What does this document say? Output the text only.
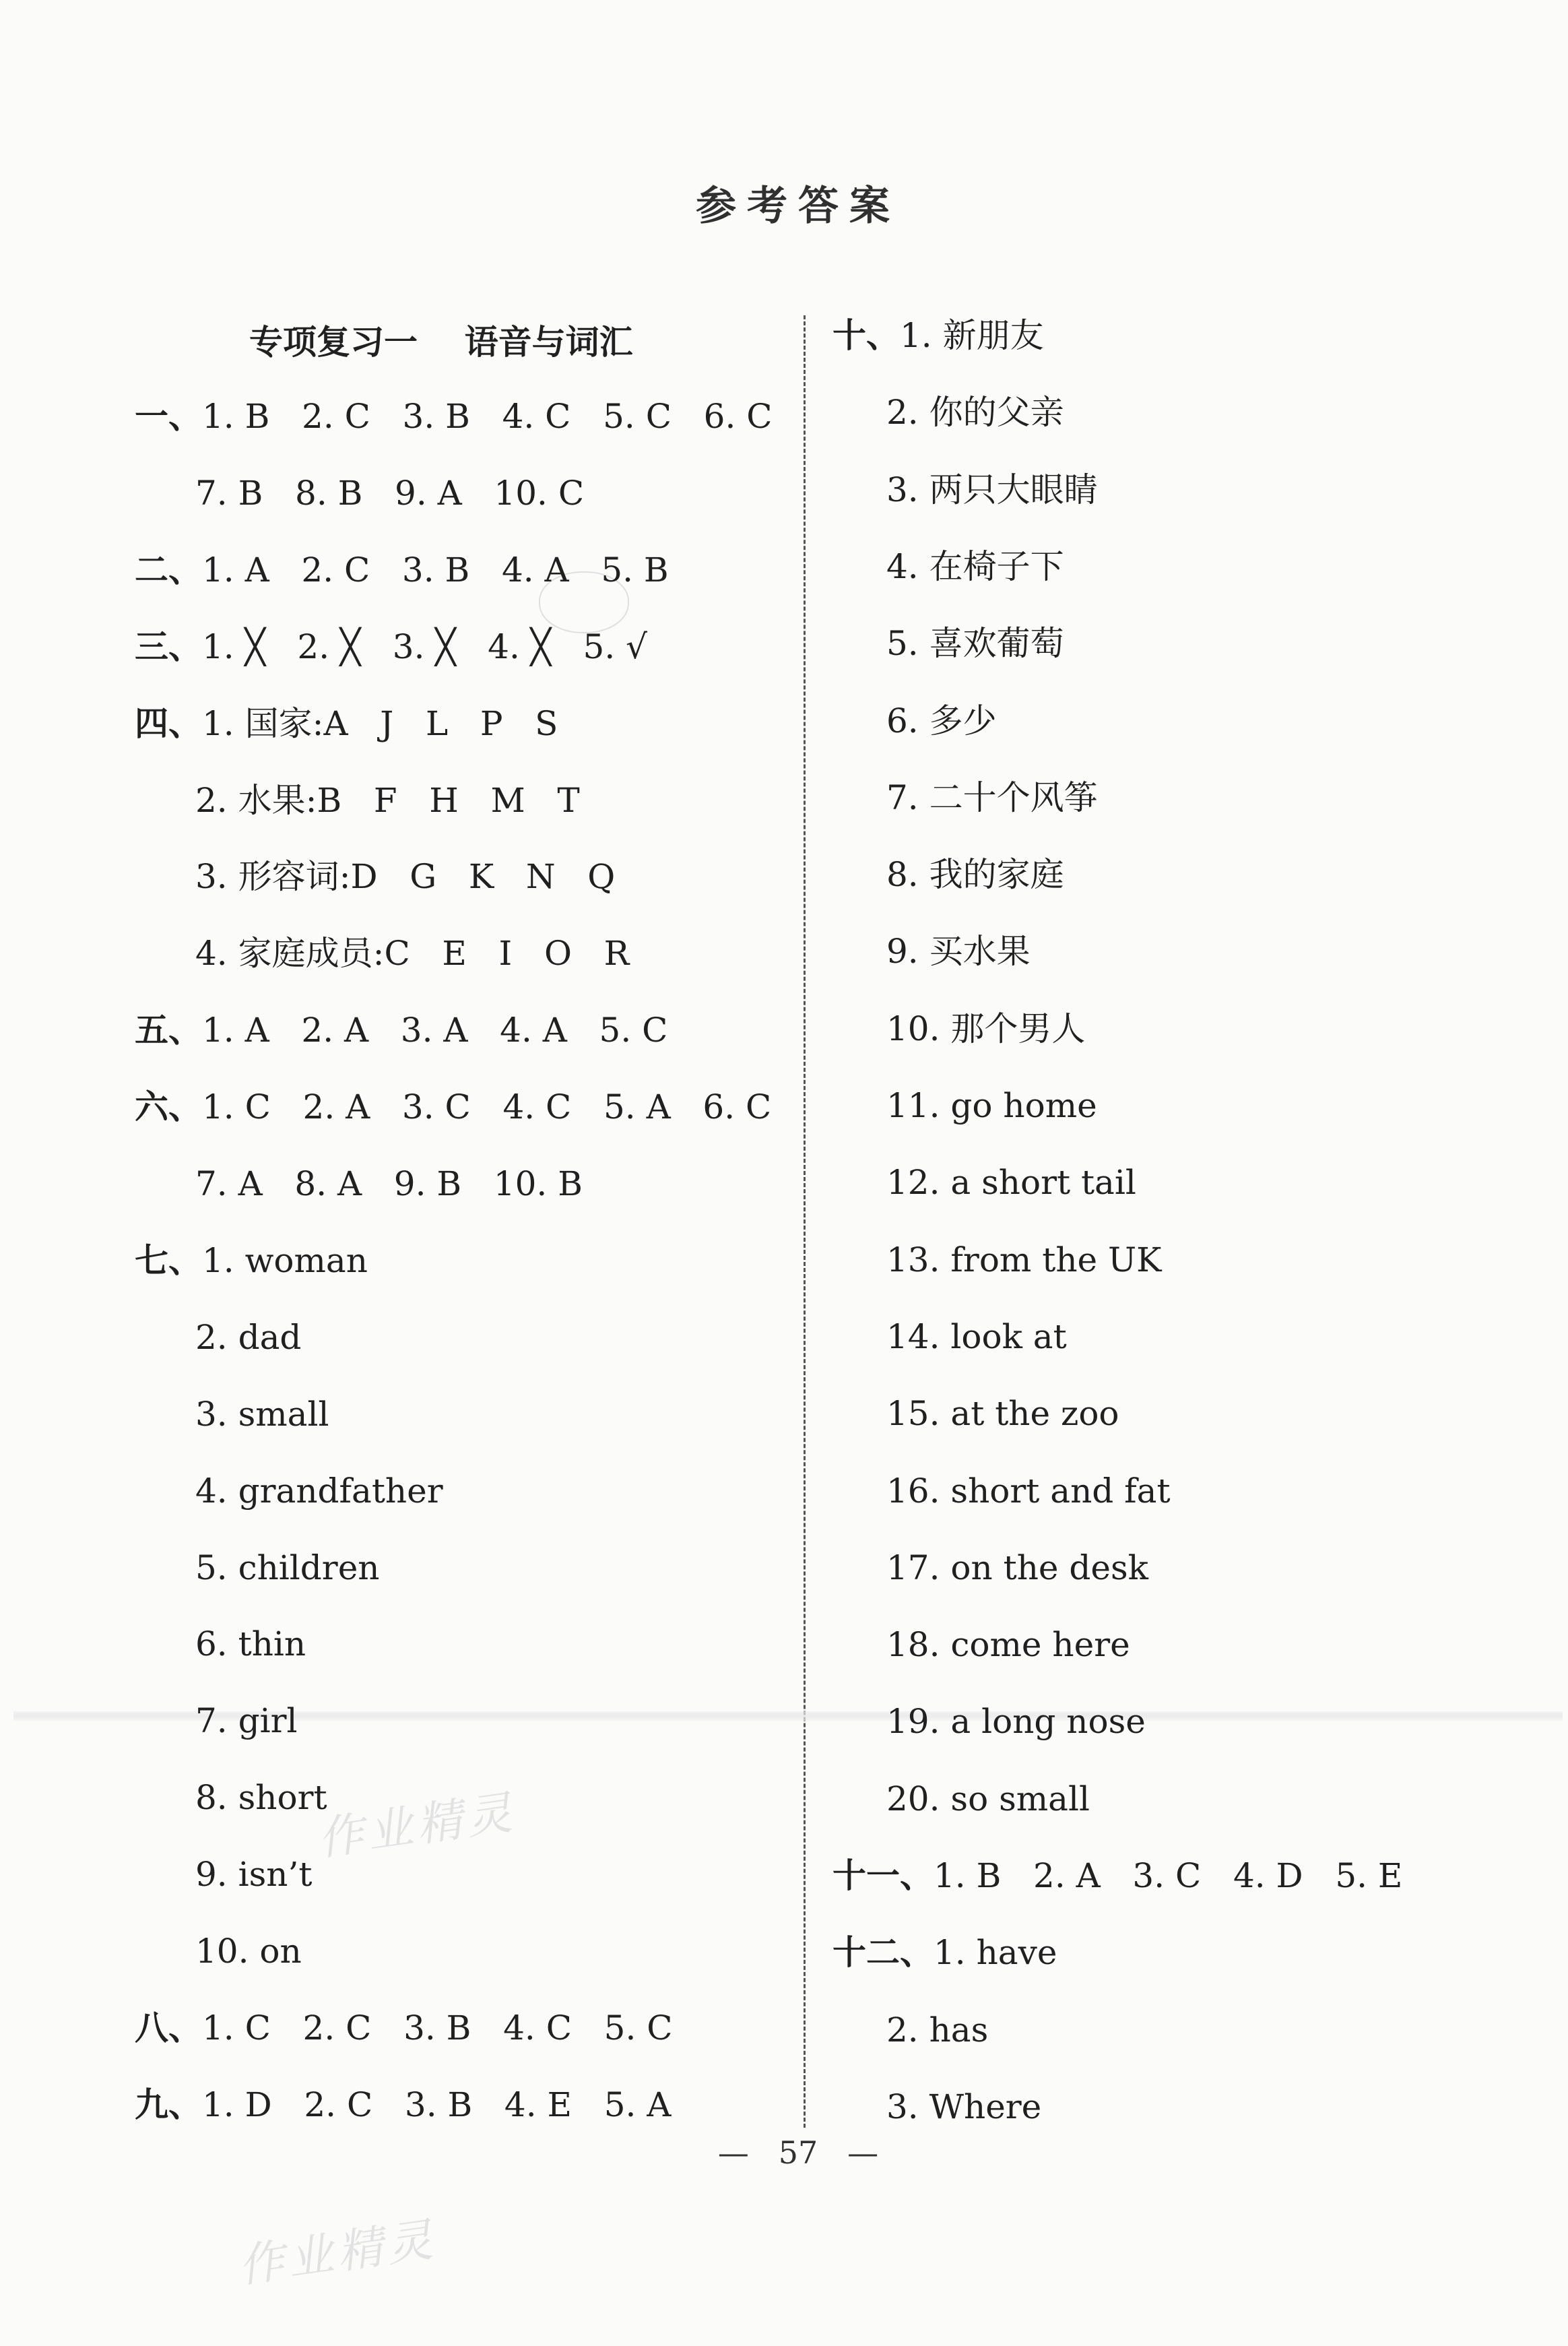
参考答案
专项复习一    语音与词汇
一、1. B   2. C   3. B   4. C   5. C   6. C
7. B   8. B   9. A   10. C
二、1. A   2. C   3. B   4. A   5. B
三、1. ╳   2. ╳   3. ╳   4. ╳   5. √
四、1. 国家:A   J   L   P   S
2. 水果:B   F   H   M   T
3. 形容词:D   G   K   N   Q
4. 家庭成员:C   E   I   O   R
五、1. A   2. A   3. A   4. A   5. C
六、1. C   2. A   3. C   4. C   5. A   6. C
7. A   8. A   9. B   10. B
七、1. woman
2. dad
3. small
4. grandfather
5. children
6. thin
7. girl
8. short
9. isn’t
10. on
八、1. C   2. C   3. B   4. C   5. C
九、1. D   2. C   3. B   4. E   5. A
十、1. 新朋友
2. 你的父亲
3. 两只大眼睛
4. 在椅子下
5. 喜欢葡萄
6. 多少
7. 二十个风筝
8. 我的家庭
9. 买水果
10. 那个男人
11. go home
12. a short tail
13. from the UK
14. look at
15. at the zoo
16. short and fat
17. on the desk
18. come here
19. a long nose
20. so small
十一、1. B   2. A   3. C   4. D   5. E
十二、1. have
2. has
3. Where
作业精灵
作业精灵
— 57 —
